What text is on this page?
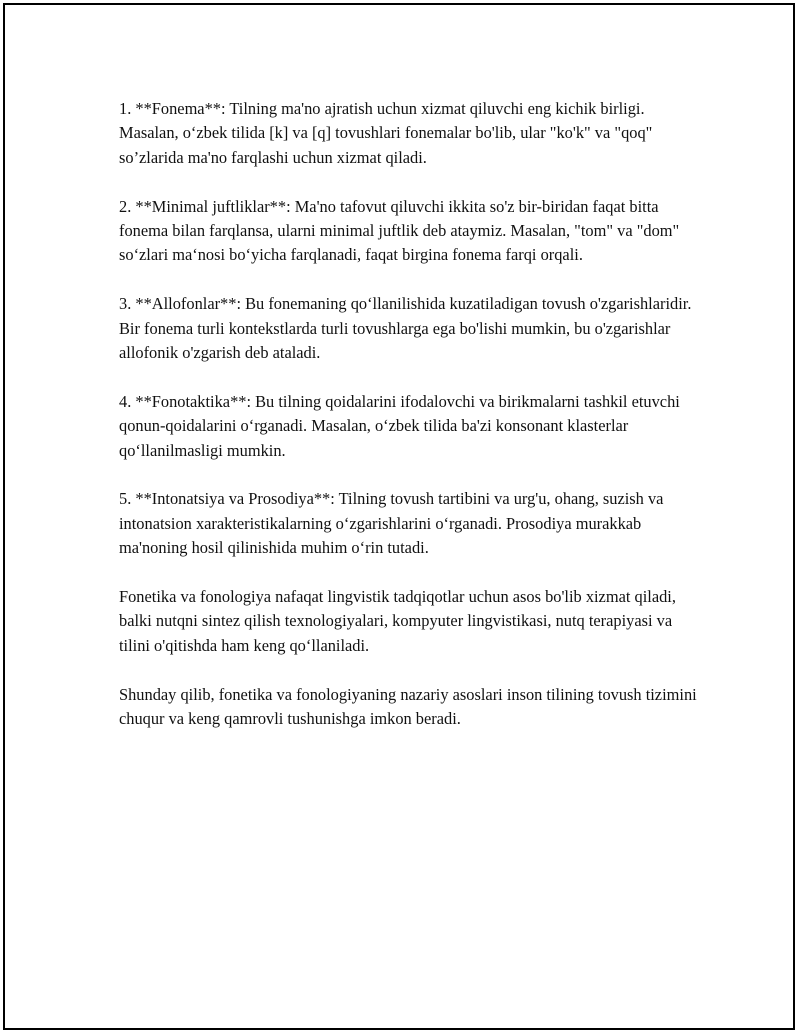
1. **Fonema**: Tilning ma'no ajratish uchun xizmat qiluvchi eng kichik birligi. Masalan, o‘zbek tilida [k] va [q] tovushlari fonemalar bo'lib, ular "ko'k" va "qoq" so’zlarida ma'no farqlashi uchun xizmat qiladi.

2. **Minimal juftliklar**: Ma'no tafovut qiluvchi ikkita so'z bir-biridan faqat bitta fonema bilan farqlansa, ularni minimal juftlik deb ataymiz. Masalan, "tom" va "dom" so‘zlari ma‘nosi bo‘yicha farqlanadi, faqat birgina fonema farqi orqali.

3. **Allofonlar**: Bu fonemaning qo‘llanilishida kuzatiladigan tovush o'zgarishlaridir. Bir fonema turli kontekstlarda turli tovushlarga ega bo'lishi mumkin, bu o'zgarishlar allofonik o'zgarish deb ataladi.

4. **Fonotaktika**: Bu tilning qoidalarini ifodalovchi va birikmalarni tashkil etuvchi qonun-qoidalarini o‘rganadi. Masalan, o‘zbek tilida ba'zi konsonant klasterlar qo‘llanilmasligi mumkin.

5. **Intonatsiya va Prosodiya**: Tilning tovush tartibini va urg'u, ohang, suzish va intonatsion xarakteristikalarning o‘zgarishlarini o‘rganadi. Prosodiya murakkab ma'noning hosil qilinishida muhim o‘rin tutadi.

Fonetika va fonologiya nafaqat lingvistik tadqiqotlar uchun asos bo'lib xizmat qiladi, balki nutqni sintez qilish texnologiyalari, kompyuter lingvistikasi, nutq terapiyasi va tilini o'qitishda ham keng qo‘llaniladi.

Shunday qilib, fonetika va fonologiyaning nazariy asoslari inson tilining tovush tizimini chuqur va keng qamrovli tushunishga imkon beradi.
